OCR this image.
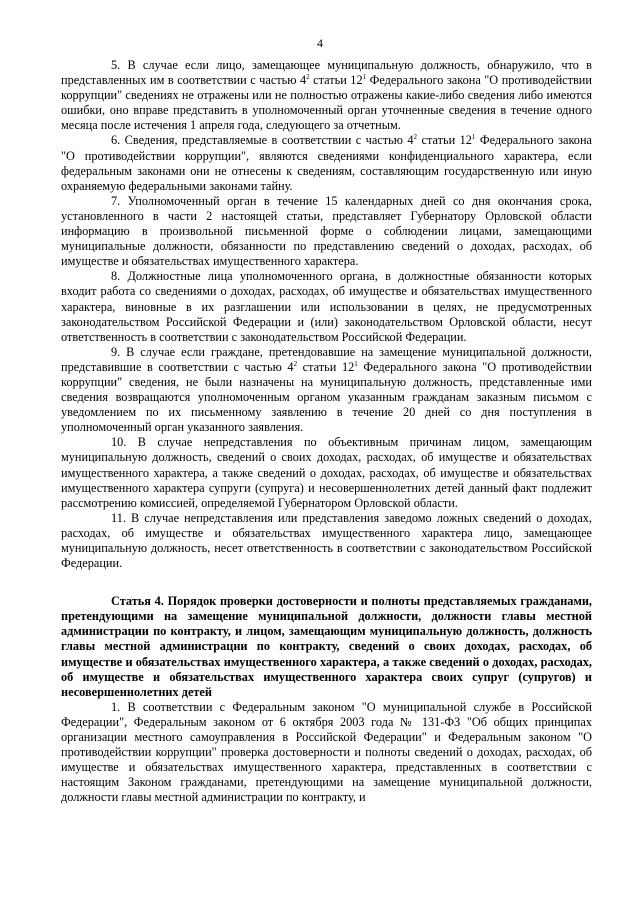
4

5. В случае если лицо, замещающее муниципальную должность, обнаружило, что в представленных им в соответствии с частью $4^2$ статьи $12^1$ Федерального закона "О противодействии коррупции" сведениях не отражены или не полностью отражены какие-либо сведения либо имеются ошибки, оно вправе представить в уполномоченный орган уточненные сведения в течение одного месяца после истечения 1 апреля года, следующего за отчетным.

6. Сведения, представляемые в соответствии с частью $4^2$ статьи $12^1$ Федерального закона "О противодействии коррупции", являются сведениями конфиденциального характера, если федеральным законами они не отнесены к сведениям, составляющим государственную или иную охраняемую федеральными законами тайну.

7. Уполномоченный орган в течение 15 календарных дней со дня окончания срока, установленного в части 2 настоящей статьи, представляет Губернатору Орловской области информацию в произвольной письменной форме о соблюдении лицами, замещающими муниципальные должности, обязанности по представлению сведений о доходах, расходах, об имуществе и обязательствах имущественного характера.

8. Должностные лица уполномоченного органа, в должностные обязанности которых входит работа со сведениями о доходах, расходах, об имуществе и обязательствах имущественного характера, виновные в их разглашении или использовании в целях, не предусмотренных законодательством Российской Федерации и (или) законодательством Орловской области, несут ответственность в соответствии с законодательством Российской Федерации.

9. В случае если граждане, претендовавшие на замещение муниципальной должности, представившие в соответствии с частью $4^2$ статьи $12^1$ Федерального закона "О противодействии коррупции" сведения, не были назначены на муниципальную должность, представленные ими сведения возвращаются уполномоченным органом указанным гражданам заказным письмом с уведомлением по их письменному заявлению в течение 20 дней со дня поступления в уполномоченный орган указанного заявления.

10. В случае непредставления по объективным причинам лицом, замещающим муниципальную должность, сведений о своих доходах, расходах, об имуществе и обязательствах имущественного характера, а также сведений о доходах, расходах, об имуществе и обязательствах имущественного характера супруги (супруга) и несовершеннолетних детей данный факт подлежит рассмотрению комиссией, определяемой Губернатором Орловской области.

11. В случае непредставления или представления заведомо ложных сведений о доходах, расходах, об имуществе и обязательствах имущественного характера лицо, замещающее муниципальную должность, несет ответственность в соответствии с законодательством Российской Федерации.

Статья 4. Порядок проверки достоверности и полноты представляемых гражданами, претендующими на замещение муниципальной должности, должности главы местной администрации по контракту, и лицом, замещающим муниципальную должность, должность главы местной администрации по контракту, сведений о своих доходах, расходах, об имуществе и обязательствах имущественного характера, а также сведений о доходах, расходах, об имуществе и обязательствах имущественного характера своих супруг (супругов) и несовершеннолетних детей

1. В соответствии с Федеральным законом "О муниципальной службе в Российской Федерации", Федеральным законом от 6 октября 2003 года № 131-ФЗ "Об общих принципах организации местного самоуправления в Российской Федерации" и Федеральным законом "О противодействии коррупции" проверка достоверности и полноты сведений о доходах, расходах, об имуществе и обязательствах имущественного характера, представленных в соответствии с настоящим Законом гражданами, претендующими на замещение муниципальной должности, должности главы местной администрации по контракту, и
